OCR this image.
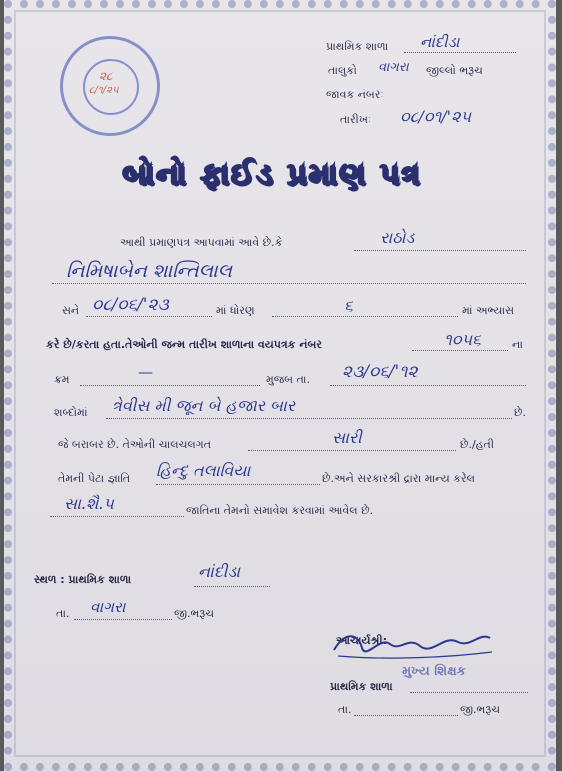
૨૮
૮/૧/૨૫
પ્રાથમિક શાળા નાંદીડા
તાલુકો વાગરા જીલ્લો ભરૂચ
જાવક નંબરઃ
તારીખઃ ૦૮/૦૧/'૨૫
બોનો ફાઈડ પ્રમાણ પત્ર
આથી પ્રમાણપત્ર આપવામાં આવે છે.કે	રાઠોડ
નિમિષાબેન શાન્તિલાલ
સને ૦૮/૦૬/'૨૩	માં ધોરણ	૬	માં અભ્યાસ
કરે છે/કરતા હતા.તેઓની જન્મ તારીખ શાળાના વયપત્રક નંબર	૧૦૫૬	ના
ક્રમ	—	મુજબ તા. ૨૩/૦૬/'૧૨
શબ્દોમાં ત્રેવીસ મી જૂન બે હજાર બાર	છે.
જે બરાબર છે. તેઓની ચાલચલગત	સારી	છે./હતી
તેમની પેટા જ્ઞાતિ હિન્દુ તલાવિયા	છે.અને સરકારશ્રી દ્રારા માન્ય કરેલ
સા.શૈ.પ	જાતિના તેમનો સમાવેશ કરવામાં આવેલ છે.
સ્થળ : પ્રાથમિક શાળા	નાંદીડા
તા. વાગરા	જી.ભરૂચ
આચાર્યશ્રી:
મુખ્ય શિક્ષક
પ્રાથમિક શાળા
તા.	જી.ભરૂચ
